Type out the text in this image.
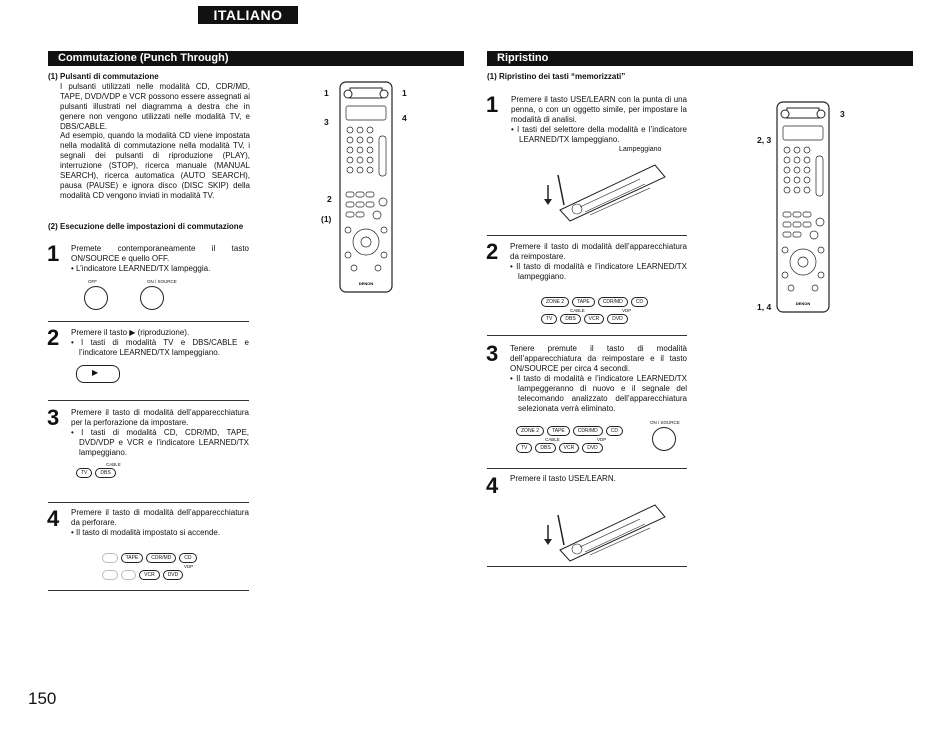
ITALIANO
Commutazione (Punch Through)
(1) Pulsanti di commutazione
I pulsanti utilizzati nelle modalità CD, CDR/MD, TAPE, DVD/VDP e VCR possono essere assegnati ai pulsanti illustrati nel diagramma a destra che in genere non vengono utilizzati nelle modalità TV, e DBS/CABLE.
Ad esempio, quando la modalità CD viene impostata nella modalità di commutazione nella modalità TV, i segnali dei pulsanti di riproduzione (PLAY), interruzione (STOP), ricerca manuale (MANUAL SEARCH), ricerca automatica (AUTO SEARCH), pausa (PAUSE) e ignora disco (DISC SKIP) della modalità CD vengono inviati in modalità TV.
(2) Esecuzione delle impostazioni di commutazione
1 Premete contemporaneamente il tasto ON/SOURCE e quello OFF.
• L’indicatore LEARNED/TX lampeggia.
OFF	ON / SOURCE
2 Premere il tasto ▶ (riproduzione).
• I tasti di modalità TV e DBS/CABLE e l’indicatore LEARNED/TX lampeggiano.
▶
3 Premere il tasto di modalità dell’apparecchiatura per la perforazione da impostare.
• I tasti di modalità CD, CDR/MD, TAPE, DVD/VDP e VCR e l’indicatore LEARNED/TX lampeggiano.
CABLE
TV	DBS
4 Premere il tasto di modalità dell’apparecchiatura da perforare.
• Il tasto di modalità impostato si accende.

TAPE	CDR/MD	CD
VDP

VCR	DVD
DENON
1	1
3	4
2
(1)
Ripristino
(1) Ripristino dei tasti “memorizzati”
1 Premere il tasto USE/LEARN con la punta di una penna, o con un oggetto simile, per impostare la modalità di analisi.
• I tasti del selettore della modalità e l’indicatore LEARNED/TX lampeggiano.
Lampeggiano
2 Premere il tasto di modalità dell’apparecchiatura da reimpostare.
• Il tasto di modalità e l’indicatore LEARNED/TX lampeggiano.
ZONE 2	TAPE	CDR/MD	CD
CABLE	VDP
TV	DBS	VCR	DVD
3 Tenere premute il tasto di modalità dell’apparecchiatura da reimpostare e il tasto ON/SOURCE per circa 4 secondi.
• Il tasto di modalità e l’indicatore LEARNED/TX lampeggeranno di nuovo e il segnale del telecomando analizzato dell’apparecchiatura selezionata verrà eliminato.
ZONE 2	TAPE	CDR/MD	CD
CABLE	VDP
TV	DBS	VCR	DVD
ON / SOURCE
4 Premere il tasto USE/LEARN.
DENON
3
2, 3
1, 4
150
